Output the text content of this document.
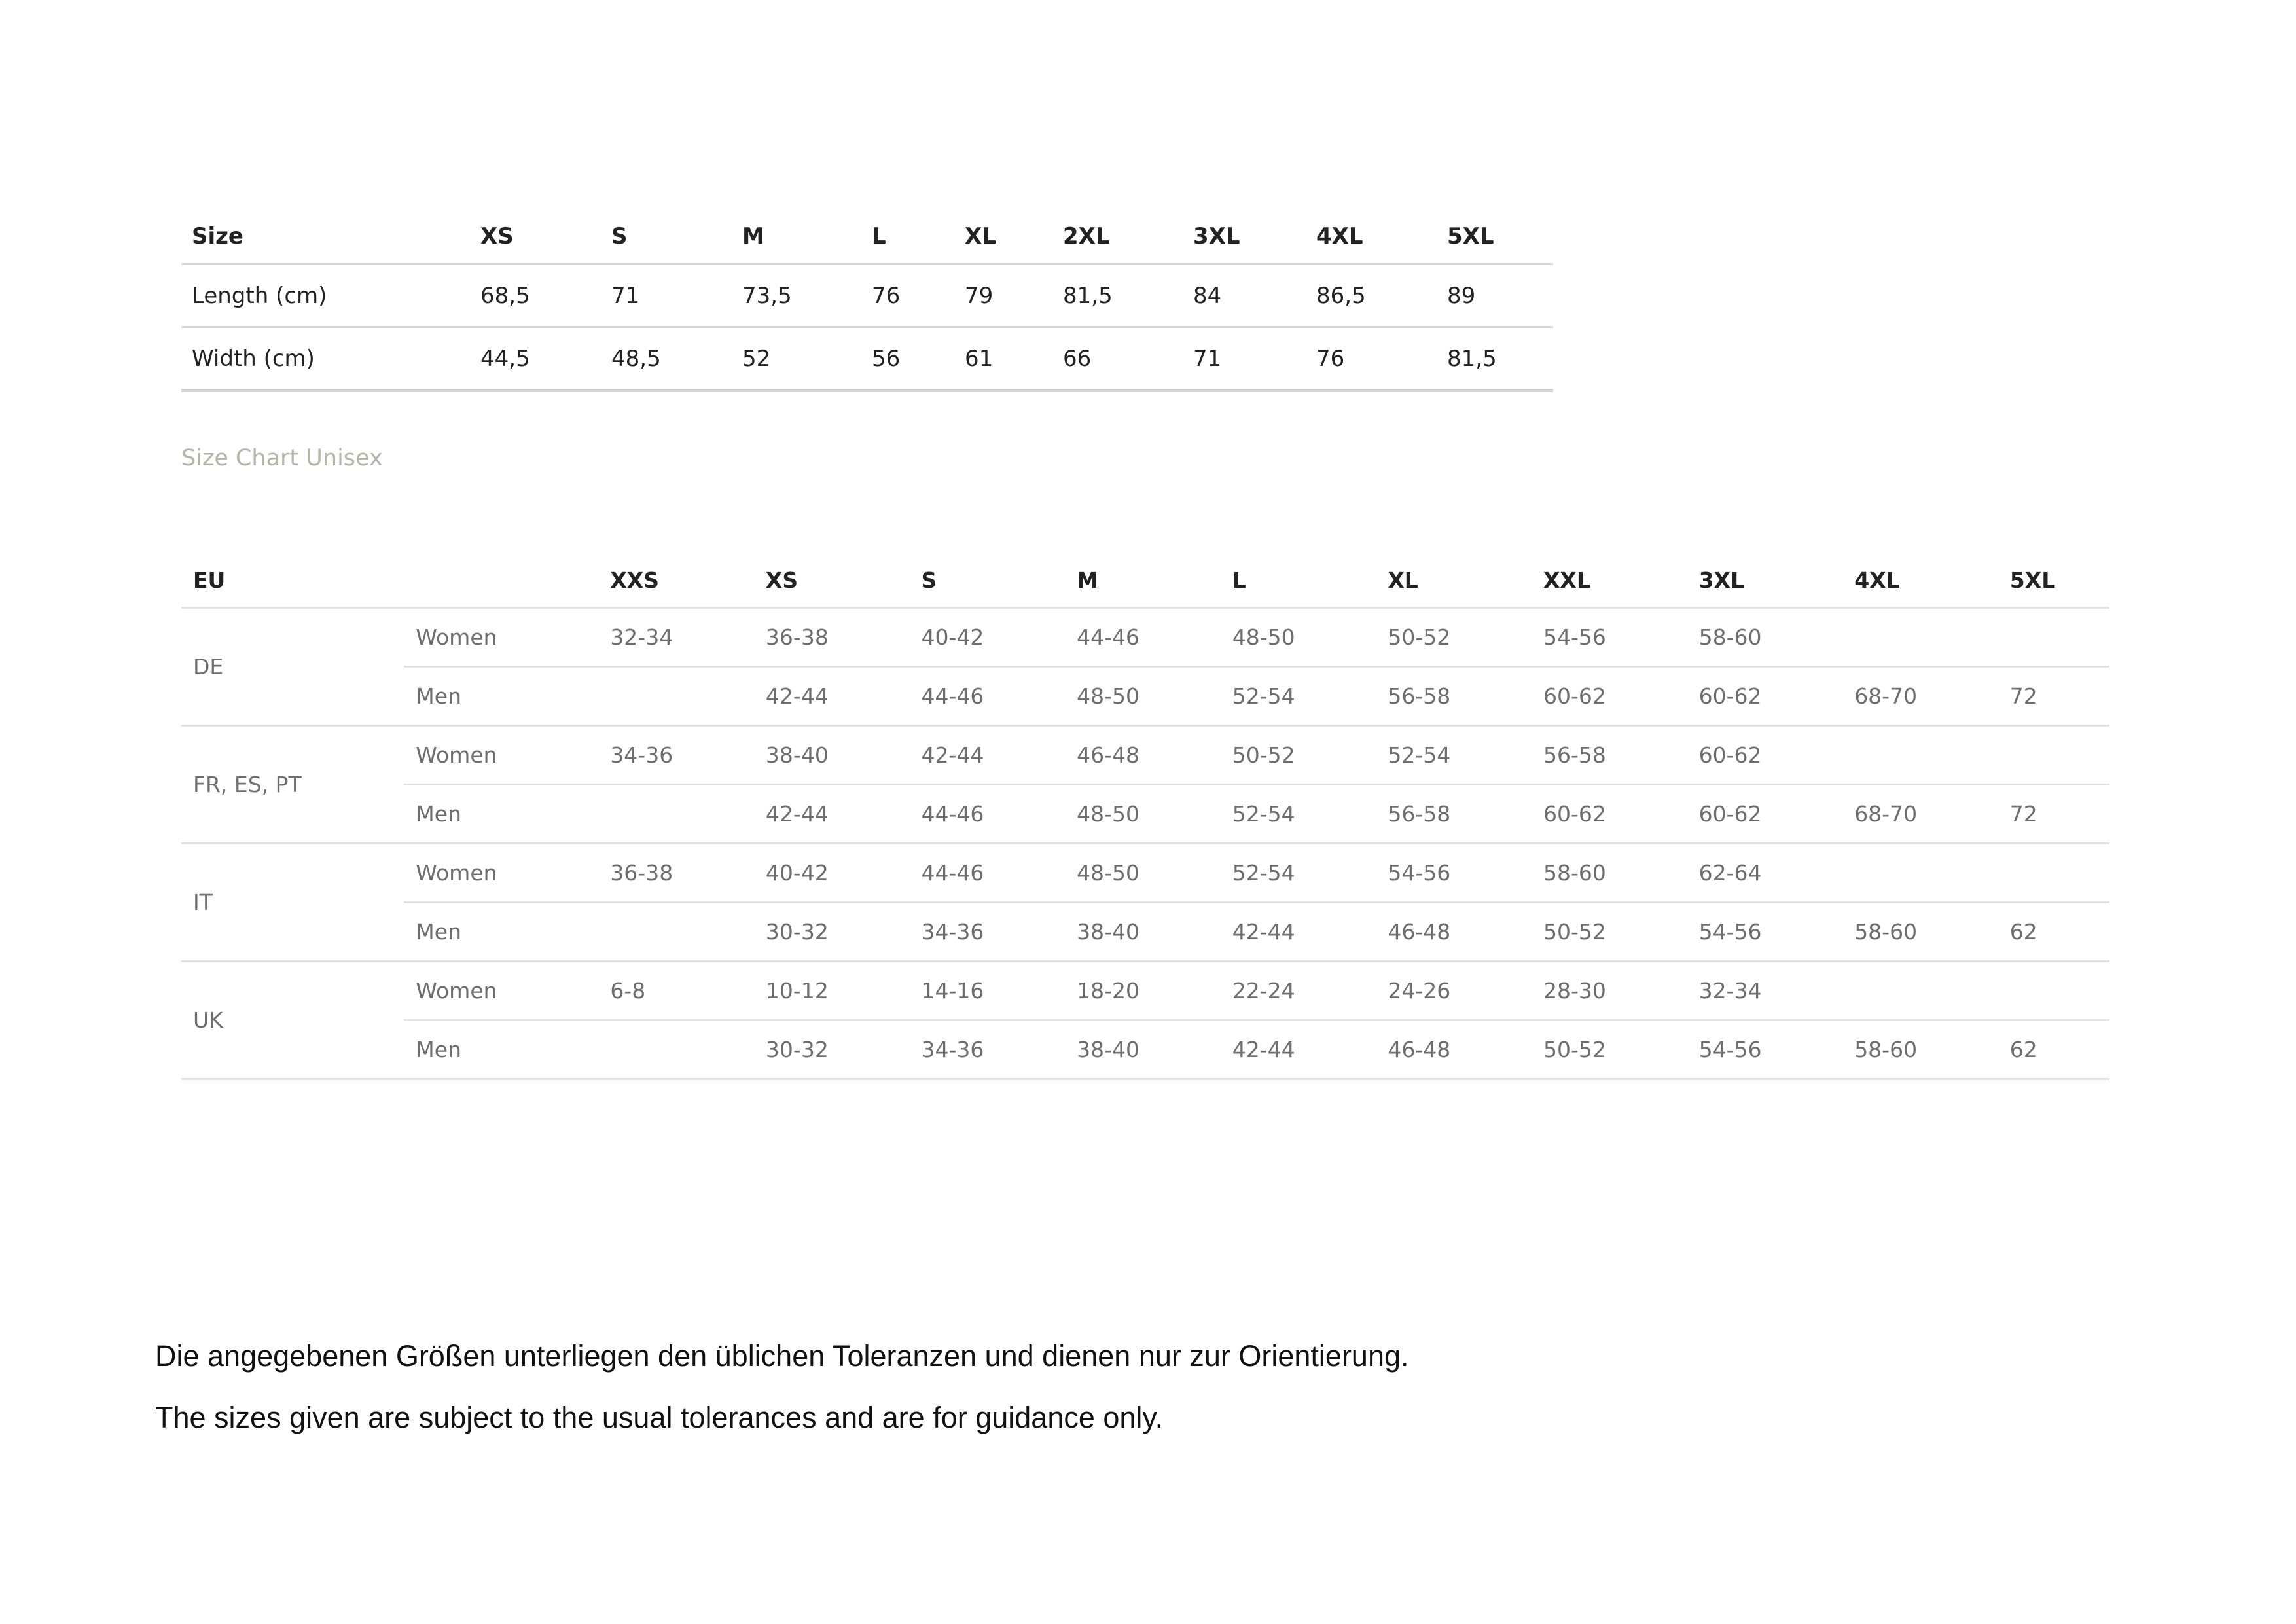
Size	XS	S	M	L	XL	2XL	3XL	4XL	5XL
Length (cm)	68,5	71	73,5	76	79	81,5	84	86,5	89
Width (cm)	44,5	48,5	52	56	61	66	71	76	81,5
Size Chart Unisex
EU		XXS	XS	S	M	L	XL	XXL	3XL	4XL	5XL
DE	Women	32-34	36-38	40-42	44-46	48-50	50-52	54-56	58-60		
	Men		42-44	44-46	48-50	52-54	56-58	60-62	60-62	68-70	72
FR, ES, PT	Women	34-36	38-40	42-44	46-48	50-52	52-54	56-58	60-62		
	Men		42-44	44-46	48-50	52-54	56-58	60-62	60-62	68-70	72
IT	Women	36-38	40-42	44-46	48-50	52-54	54-56	58-60	62-64		
	Men		30-32	34-36	38-40	42-44	46-48	50-52	54-56	58-60	62
UK	Women	6-8	10-12	14-16	18-20	22-24	24-26	28-30	32-34		
	Men		30-32	34-36	38-40	42-44	46-48	50-52	54-56	58-60	62
Die angegebenen Größen unterliegen den üblichen Toleranzen und dienen nur zur Orientierung.
The sizes given are subject to the usual tolerances and are for guidance only.
